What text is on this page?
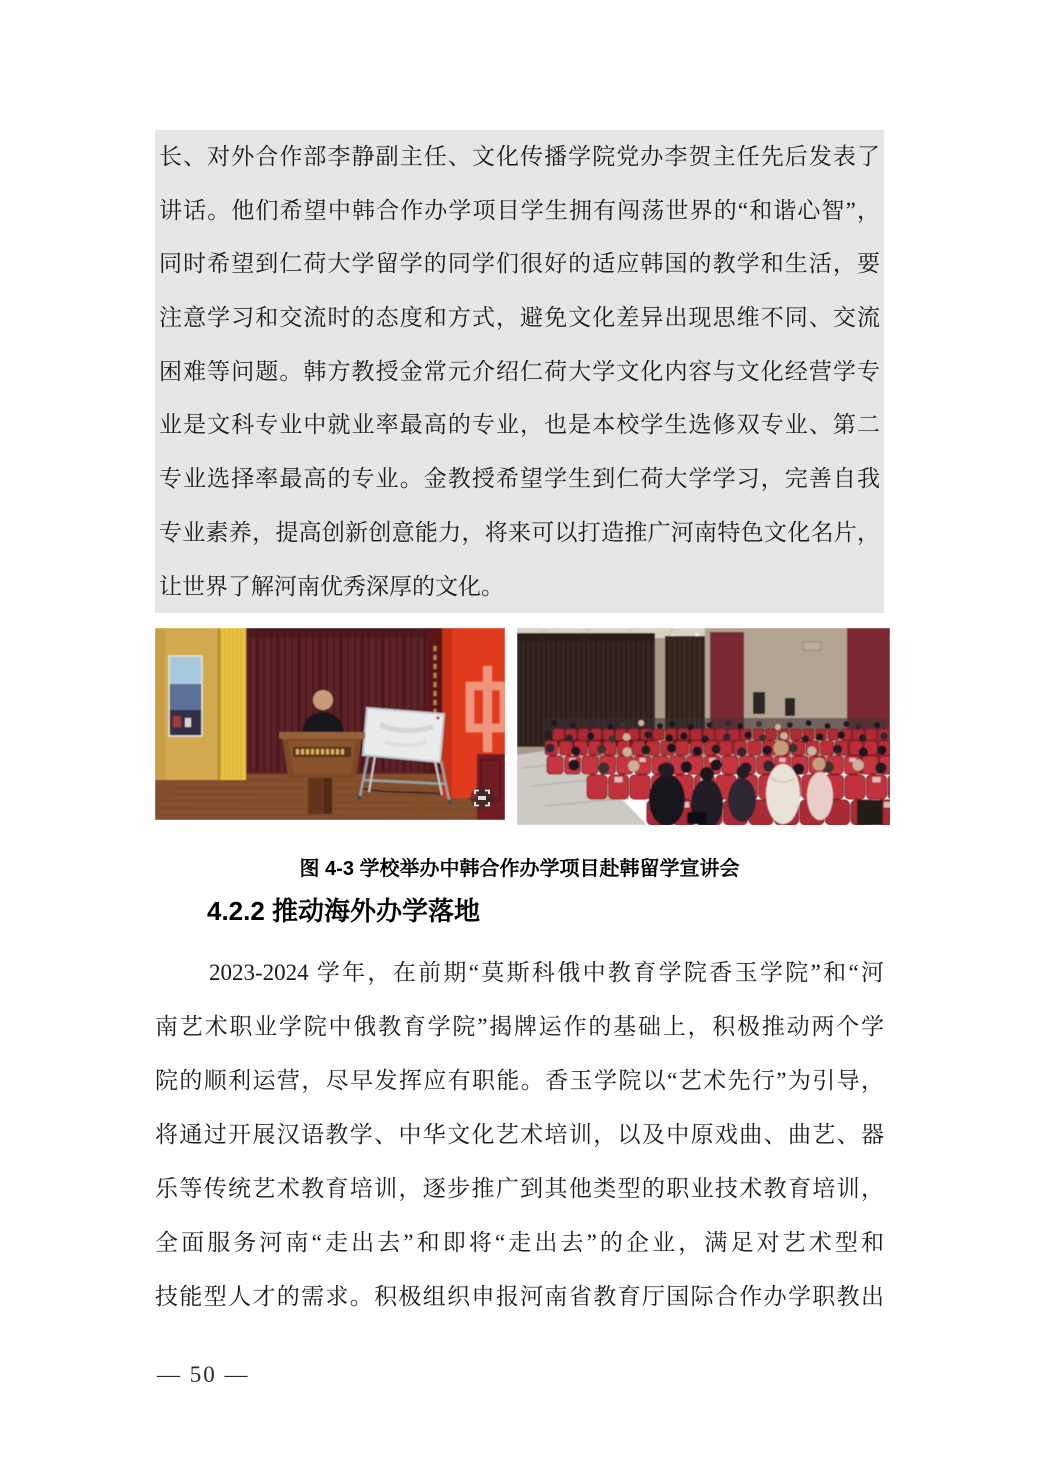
长、对外合作部李静副主任、文化传播学院党办李贺主任先后发表了
讲话。他们希望中韩合作办学项目学生拥有闯荡世界的“和谐心智”，
同时希望到仁荷大学留学的同学们很好的适应韩国的教学和生活，要
注意学习和交流时的态度和方式，避免文化差异出现思维不同、交流
困难等问题。韩方教授金常元介绍仁荷大学文化内容与文化经营学专
业是文科专业中就业率最高的专业，也是本校学生选修双专业、第二
专业选择率最高的专业。金教授希望学生到仁荷大学学习，完善自我
专业素养，提高创新创意能力，将来可以打造推广河南特色文化名片，
让世界了解河南优秀深厚的文化。
图 4-3 学校举办中韩合作办学项目赴韩留学宣讲会
4.2.2 推动海外办学落地
2023-2024 学年，在前期“莫斯科俄中教育学院香玉学院”和“河
南艺术职业学院中俄教育学院”揭牌运作的基础上，积极推动两个学
院的顺利运营，尽早发挥应有职能。香玉学院以“艺术先行”为引导，
将通过开展汉语教学、中华文化艺术培训，以及中原戏曲、曲艺、器
乐等传统艺术教育培训，逐步推广到其他类型的职业技术教育培训，
全面服务河南“走出去”和即将“走出去”的企业，满足对艺术型和
技能型人才的需求。积极组织申报河南省教育厅国际合作办学职教出
— 50 —
